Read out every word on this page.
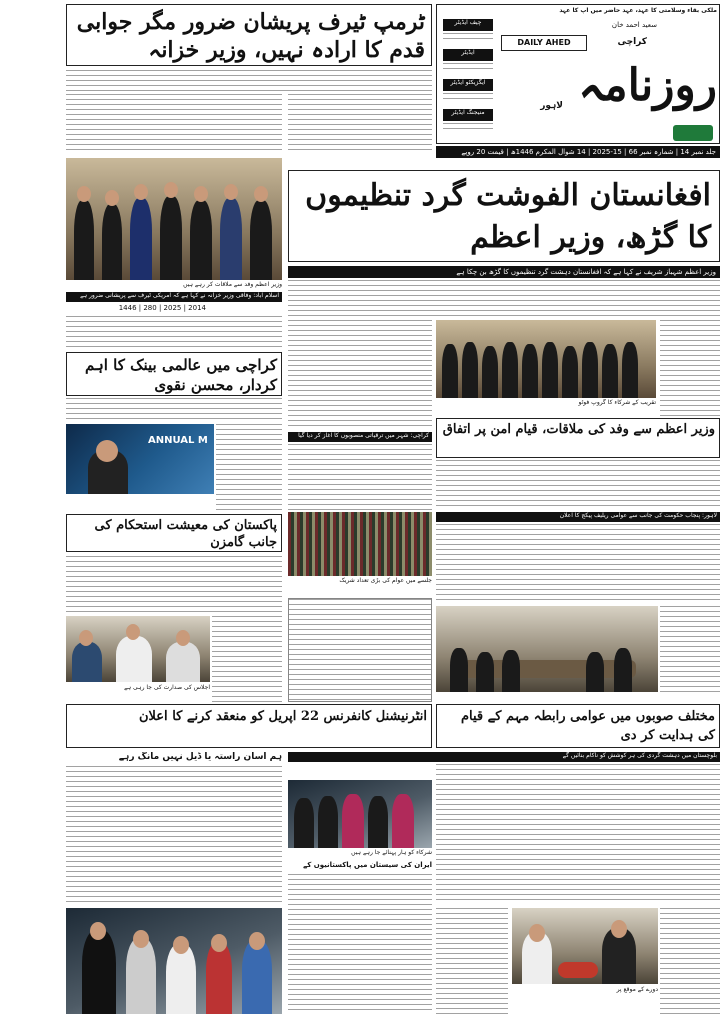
ملکی بقاء وسلامتی کا عہد، عہد حاضر میں آپ کا عہد
چیف ایڈیٹر
ایڈیٹر
ایگزیکٹو ایڈیٹر
منیجنگ ایڈیٹر
DAILY AHED
سعید احمد خان
روزنامہ
کراچی
لاہور
جلد نمبر 14 | شمارہ نمبر 66 | 15-2025 | 14 شوال المکرم 1446ھ | قیمت 20 روپے
ٹرمپ ٹیرف پریشان ضرور مگر جوابی قدم کا ارادہ نہیں، وزیر خزانہ
وزیر اعظم وفد سے ملاقات کر رہے ہیں
اسلام آباد: وفاقی وزیر خزانہ نے کہا ہے کہ امریکی ٹیرف سے پریشانی ضرور ہے
2014 | 2025 | 280 | 1446
کراچی میں عالمی بینک کا اہم کردار، محسن نقوی
ANNUAL M
پاکستان کی معیشت استحکام کی جانب گامزن
اجلاس کی صدارت کی جا رہی ہے
انٹرنیشنل کانفرنس 22 اپریل کو منعقد کرنے کا اعلان
ہم آسان راستہ یا ڈیل نہیں مانگ رہے
افغانستان الفوشت گرد تنظیموں کا گڑھ، وزیر اعظم
وزیر اعظم شہباز شریف نے کہا ہے کہ افغانستان دہشت گرد تنظیموں کا گڑھ بن چکا ہے
کراچی: شہر میں ترقیاتی منصوبوں کا آغاز کر دیا گیا
تقریب کے شرکاء کا گروپ فوٹو
وزیر اعظم سے وفد کی ملاقات، قیام امن پر اتفاق
جلسے میں عوام کی بڑی تعداد شریک
لاہور: پنجاب حکومت کی جانب سے عوامی ریلیف پیکج کا اعلان
مختلف صوبوں میں عوامی رابطہ مہم کے قیام کی ہدایت کر دی
بلوچستان میں دہشت گردی کی ہر کوشش کو ناکام بنائیں گے
شرکاء کو ہار پہنائے جا رہے ہیں
ایران کی سیستان میں پاکستانیوں کے
دورے کے موقع پر
